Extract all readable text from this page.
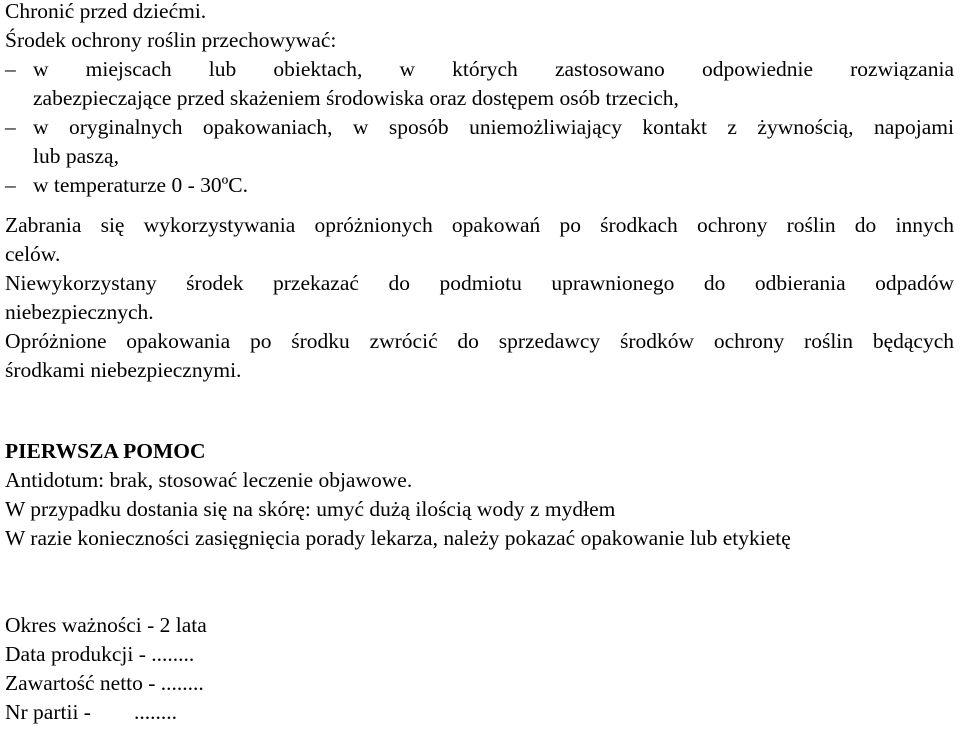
Chronić przed dziećmi.
Środek ochrony roślin przechowywać:
– w miejscach lub obiektach, w których zastosowano odpowiednie rozwiązania
zabezpieczające przed skażeniem środowiska oraz dostępem osób trzecich,
– w oryginalnych opakowaniach, w sposób uniemożliwiający kontakt z żywnością, napojami
lub paszą,
– w temperaturze 0 - 30ºC.
Zabrania się wykorzystywania opróżnionych opakowań po środkach ochrony roślin do innych
celów.
Niewykorzystany środek przekazać do podmiotu uprawnionego do odbierania odpadów
niebezpiecznych.
Opróżnione opakowania po środku zwrócić do sprzedawcy środków ochrony roślin będących
środkami niebezpiecznymi.
PIERWSZA POMOC
Antidotum: brak, stosować leczenie objawowe.
W przypadku dostania się na skórę: umyć dużą ilością wody z mydłem
W razie konieczności zasięgnięcia porady lekarza, należy pokazać opakowanie lub etykietę
Okres ważności - 2 lata
Data produkcji - ........
Zawartość netto - ........
Nr partii -        ........
